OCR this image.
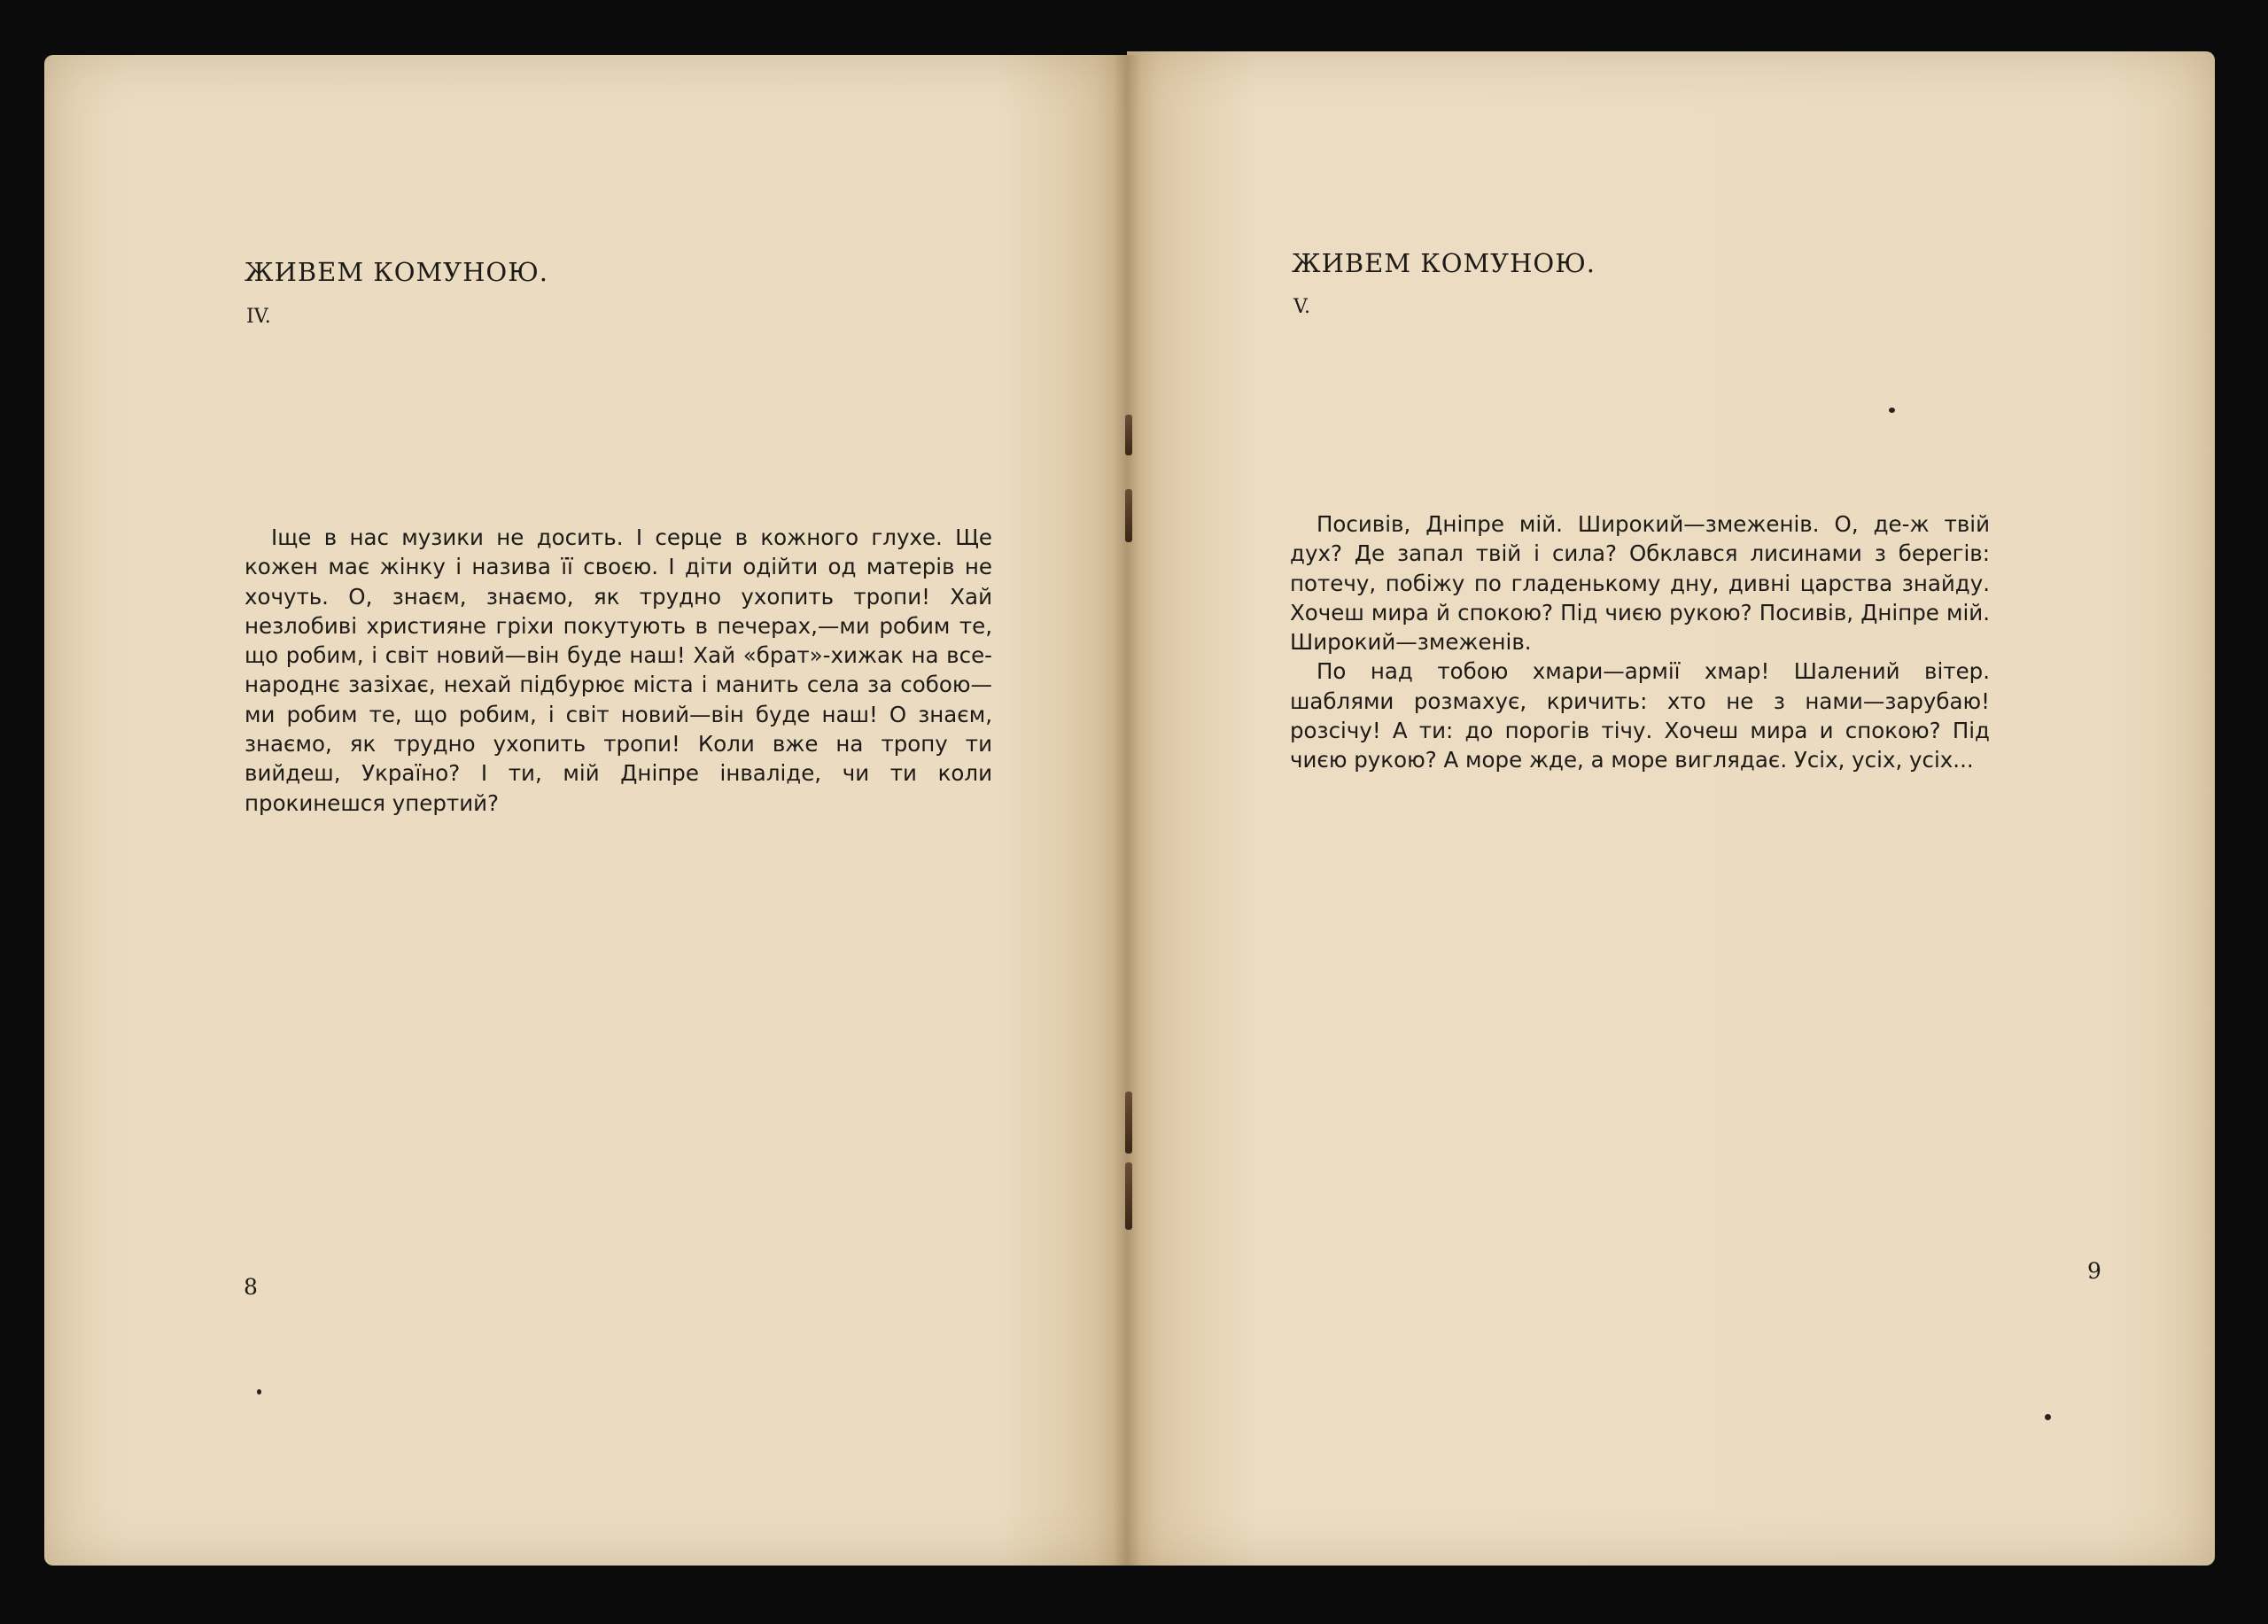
ЖИВЕМ КОМУНОЮ.
IV.

Іще в нас музики не досить. І серце в кожного глухе. Ще кожен має жінку і назива її своєю. І діти одійти од матерів не хочуть. О, знаєм, знаємо, як трудно ухопить тропи! Хай незлобиві християне гріхи покутують в печерах,—ми робим те, що робим, і світ новий—він буде наш! Хай «брат»-хижак на все-народнє зазіхає, нехай підбурює міста і манить села за собою—ми робим те, що робим, і світ новий—він буде наш! О знаєм, знаємо, як трудно ухопить тропи! Коли вже на тропу ти вийдеш, Україно? І ти, мій Дніпре інваліде, чи ти коли прокинешся упертий?

8
ЖИВЕМ КОМУНОЮ.
V.

Посивів, Дніпре мій. Широкий—змеженів. О, де-ж твій дух? Де запал твій і сила? Обклався лисинами з берегів: потечу, побіжу по гладенькому дну, дивні царства знайду. Хочеш мира й спокою? Під чиєю рукою? Посивів, Дніпре мій. Широкий—змеженів.

По над тобою хмари—армії хмар! Шалений вітер. шаблями розмахує, кричить: хто не з нами—зарубаю! розсічу! А ти: до порогів тічу. Хочеш мира и спокою? Під чиєю рукою? А море жде, а море виглядає. Усіх, усіх, усіх...

9
